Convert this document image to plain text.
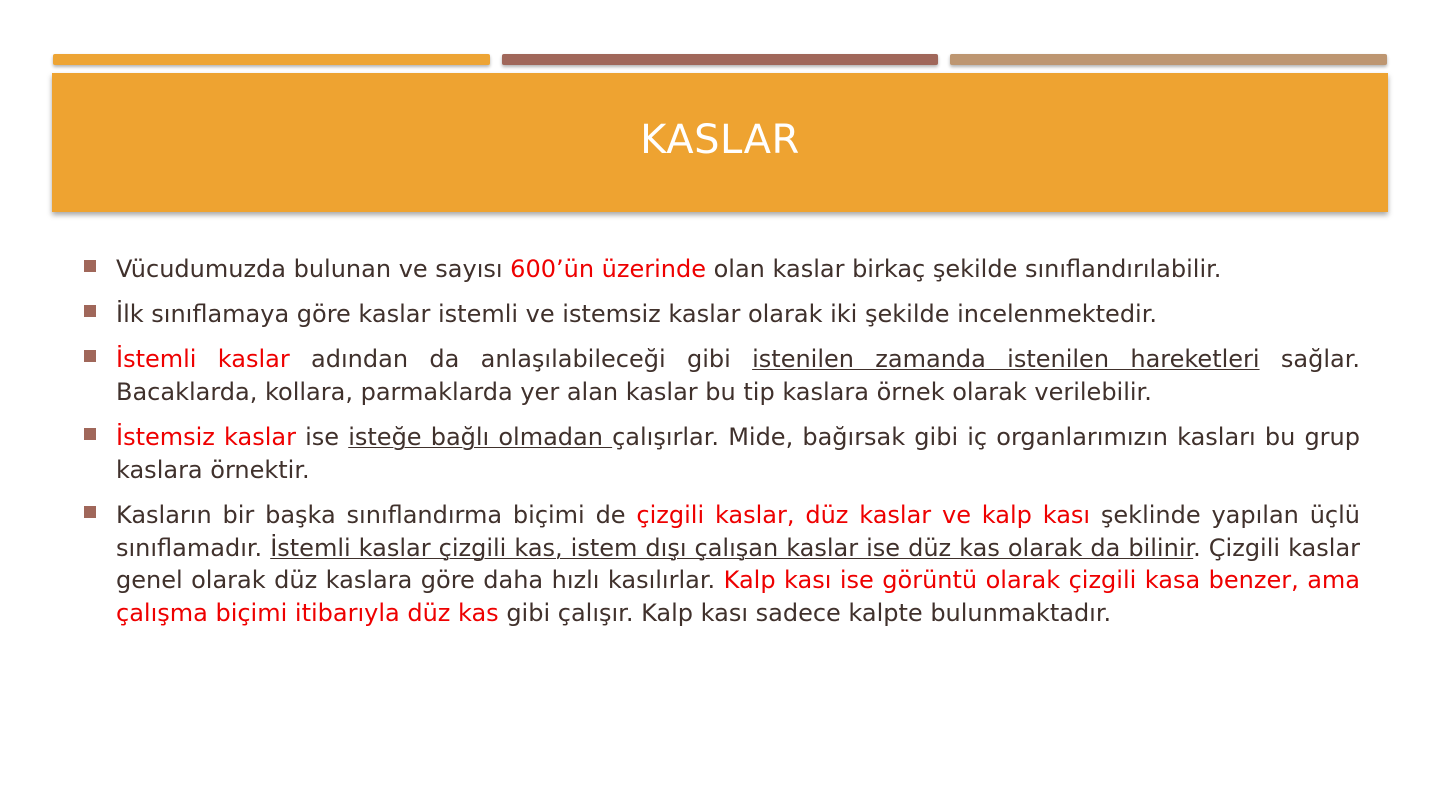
KASLAR
Vücudumuzda bulunan ve sayısı 600’ün üzerinde olan kaslar birkaç şekilde sınıflandırılabilir.
İlk sınıflamaya göre kaslar istemli ve istemsiz kaslar olarak iki şekilde incelenmektedir.
İstemli kaslar adından da anlaşılabileceği gibi istenilen zamanda istenilen hareketleri sağlar. Bacaklarda, kollara, parmaklarda yer alan kaslar bu tip kaslara örnek olarak verilebilir.
İstemsiz kaslar ise isteğe bağlı olmadan çalışırlar. Mide, bağırsak gibi iç organlarımızın kasları bu grup kaslara örnektir.
Kasların bir başka sınıflandırma biçimi de çizgili kaslar, düz kaslar ve kalp kası şeklinde yapılan üçlü sınıflamadır. İstemli kaslar çizgili kas, istem dışı çalışan kaslar ise düz kas olarak da bilinir. Çizgili kaslar genel olarak düz kaslara göre daha hızlı kasılırlar. Kalp kası ise görüntü olarak çizgili kasa benzer, ama çalışma biçimi itibarıyla düz kas gibi çalışır. Kalp kası sadece kalpte bulunmaktadır.
